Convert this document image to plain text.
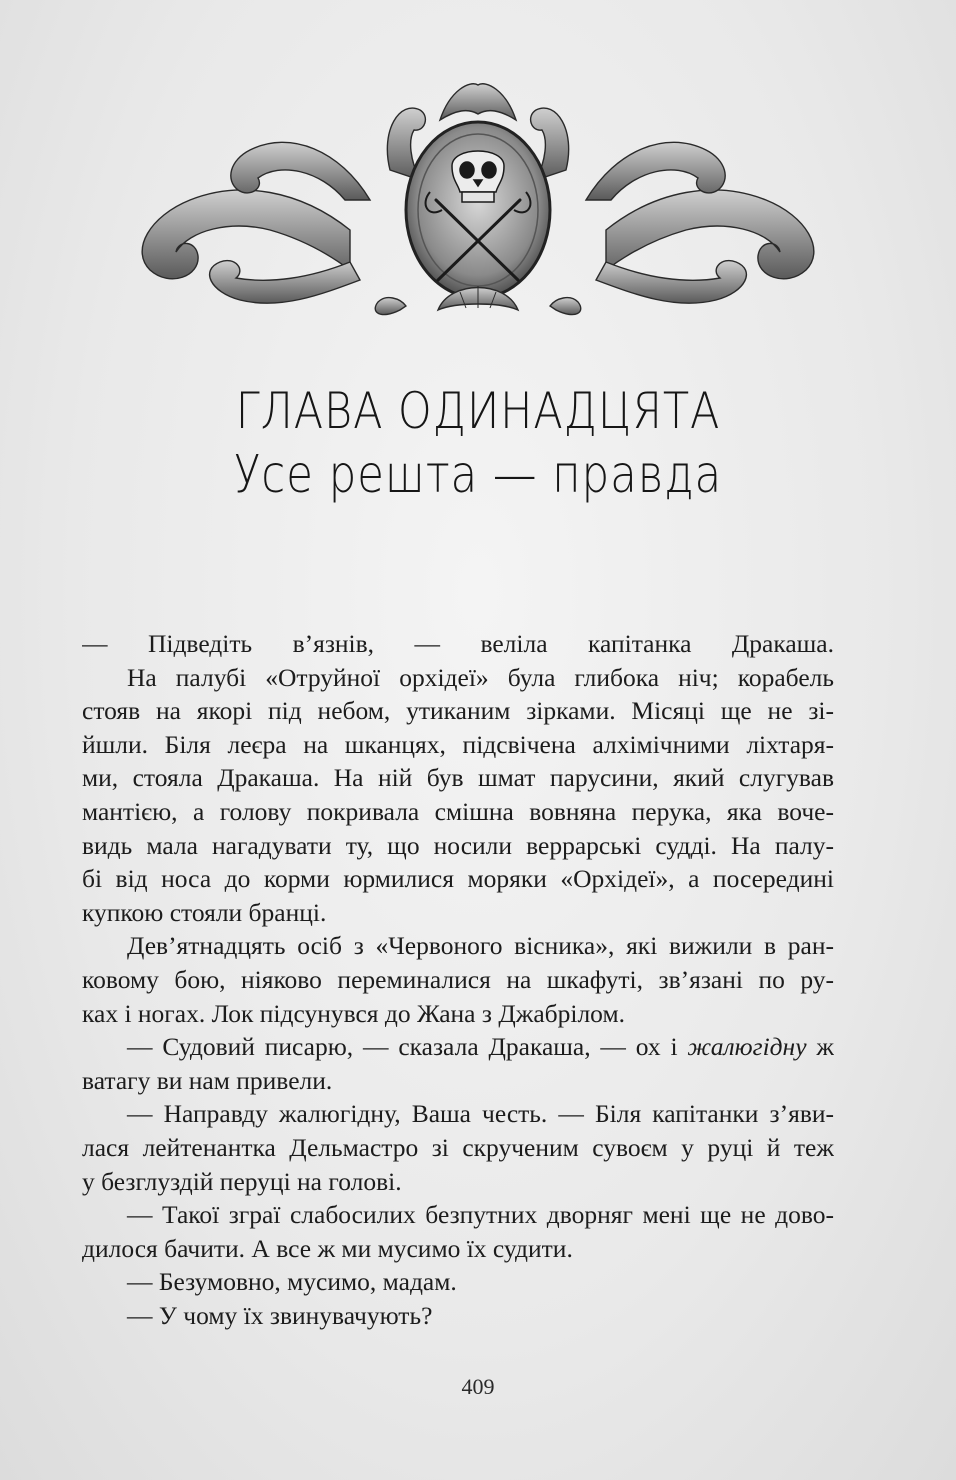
ГЛАВА ОДИНАДЦЯТА
Усе решта — правда
— Підведіть в’язнів, — веліла капітанка Дракаша.
На палубі «Отруйної орхідеї» була глибока ніч; корабель
стояв на якорі під небом, утиканим зірками. Місяці ще не зі-
йшли. Біля леєра на шканцях, підсвічена алхімічними ліхтаря-
ми, стояла Дракаша. На ній був шмат парусини, який слугував
мантією, а голову покривала смішна вовняна перука, яка воче-
видь мала нагадувати ту, що носили веррарські судді. На палу-
бі від носа до корми юрмилися моряки «Орхідеї», а посередині
купкою стояли бранці.
Дев’ятнадцять осіб з «Червоного вісника», які вижили в ран-
ковому бою, ніяково переминалися на шкафуті, зв’язані по ру-
ках і ногах. Лок підсунувся до Жана з Джабрілом.
— Судовий писарю, — сказала Дракаша, — ох і жалюгідну ж
ватагу ви нам привели.
— Направду жалюгідну, Ваша честь. — Біля капітанки з’яви-
лася лейтенантка Дельмастро зі скрученим сувоєм у руці й теж
у безглуздій перуці на голові.
— Такої зграї слабосилих безпутних дворняг мені ще не дово-
дилося бачити. А все ж ми мусимо їх судити.
— Безумовно, мусимо, мадам.
— У чому їх звинувачують?
409
